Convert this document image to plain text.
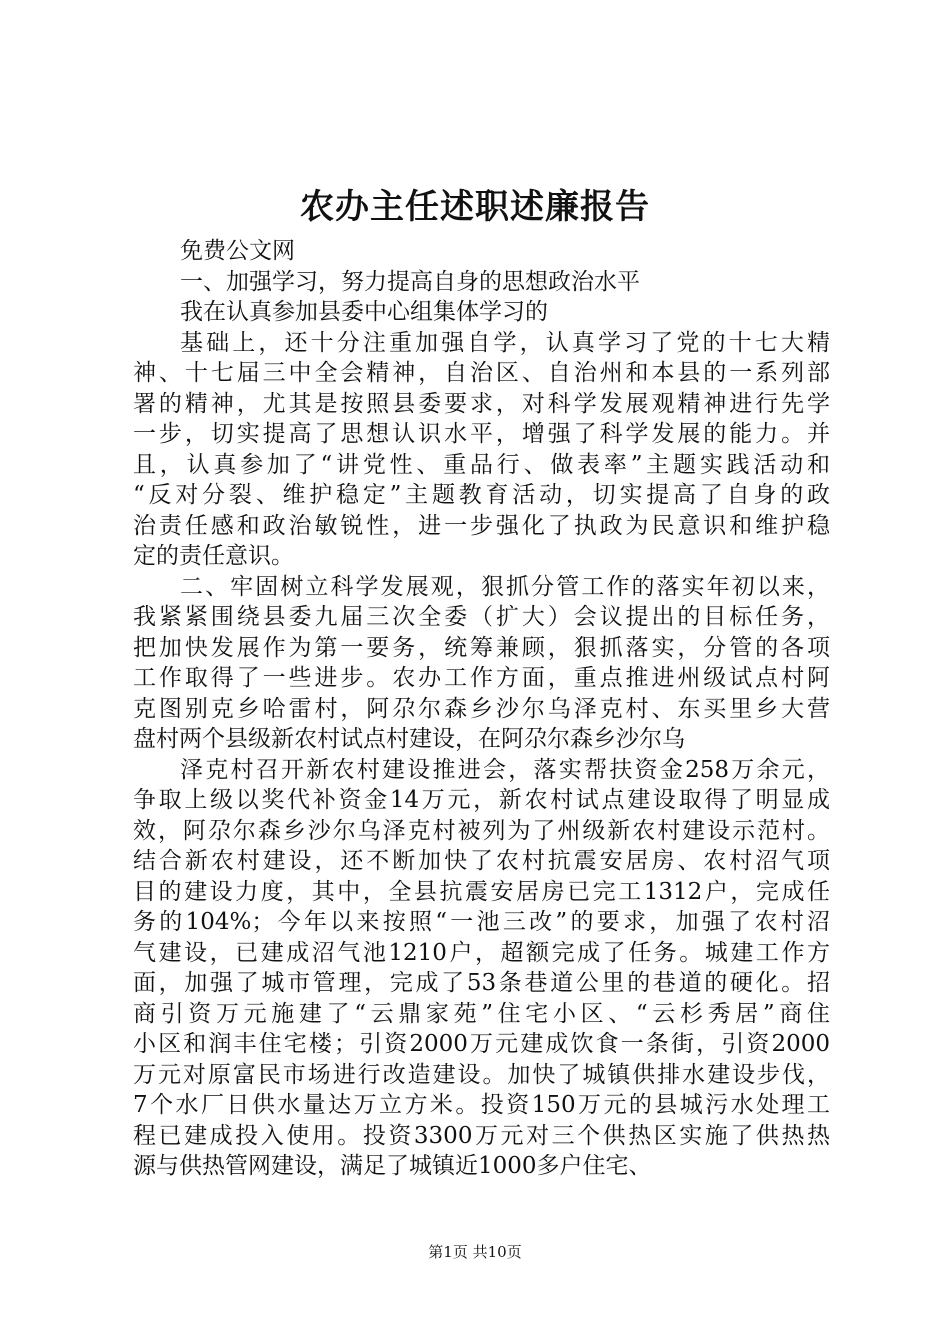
农办主任述职述廉报告

免费公文网

一、加强学习，努力提高自身的思想政治水平

我在认真参加县委中心组集体学习的

基础上，还十分注重加强自学，认真学习了党的十七大精

神、十七届三中全会精神，自治区、自治州和本县的一系列部

署的精神，尤其是按照县委要求，对科学发展观精神进行先学

一步，切实提高了思想认识水平，增强了科学发展的能力。并

且，认真参加了“讲党性、重品行、做表率”主题实践活动和

“反对分裂、维护稳定”主题教育活动，切实提高了自身的政

治责任感和政治敏锐性，进一步强化了执政为民意识和维护稳

定的责任意识。

二、牢固树立科学发展观，狠抓分管工作的落实年初以来，

我紧紧围绕县委九届三次全委（扩大）会议提出的目标任务，

把加快发展作为第一要务，统筹兼顾，狠抓落实，分管的各项

工作取得了一些进步。农办工作方面，重点推进州级试点村阿

克图别克乡哈雷村，阿尕尔森乡沙尔乌泽克村、东买里乡大营

盘村两个县级新农村试点村建设，在阿尕尔森乡沙尔乌

泽克村召开新农村建设推进会，落实帮扶资金258万余元，

争取上级以奖代补资金14万元，新农村试点建设取得了明显成

效，阿尕尔森乡沙尔乌泽克村被列为了州级新农村建设示范村。

结合新农村建设，还不断加快了农村抗震安居房、农村沼气项

目的建设力度，其中，全县抗震安居房已完工1312户，完成任

务的104%；今年以来按照“一池三改”的要求，加强了农村沼

气建设，已建成沼气池1210户，超额完成了任务。城建工作方

面，加强了城市管理，完成了53条巷道公里的巷道的硬化。招

商引资万元施建了“云鼎家苑”住宅小区、“云杉秀居”商住

小区和润丰住宅楼；引资2000万元建成饮食一条街，引资2000

万元对原富民市场进行改造建设。加快了城镇供排水建设步伐，

7个水厂日供水量达万立方米。投资150万元的县城污水处理工

程已建成投入使用。投资3300万元对三个供热区实施了供热热

源与供热管网建设，满足了城镇近1000多户住宅、

第1页 共10页
